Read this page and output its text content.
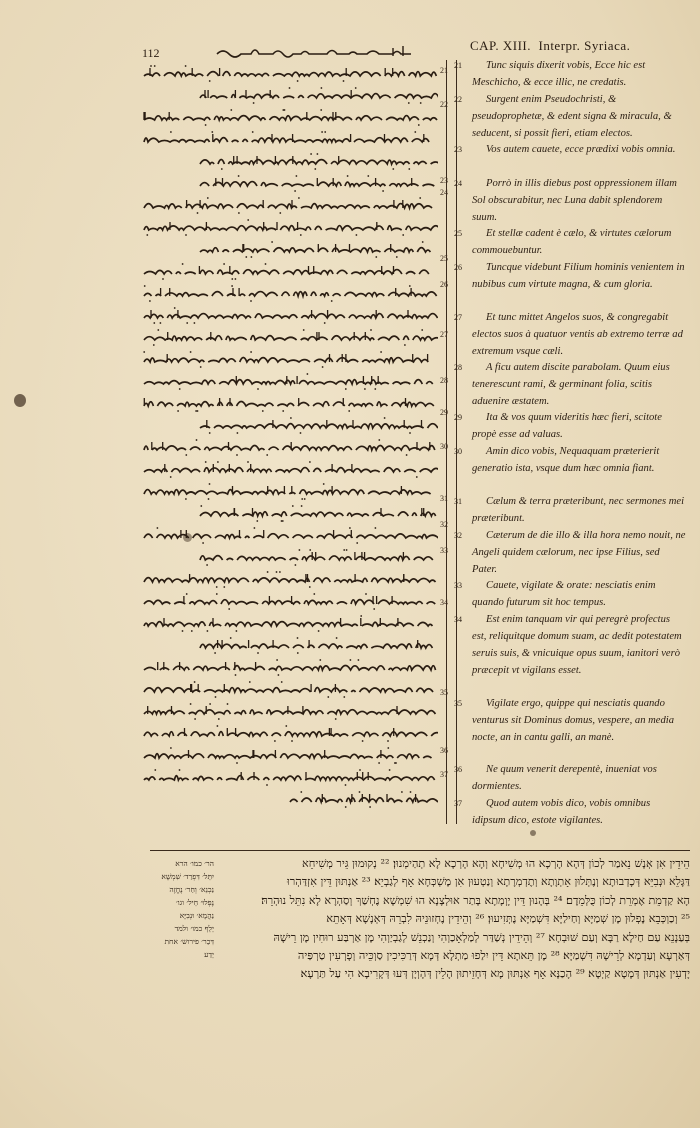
112	CAP. XIII. Interpr. Syriaca.
21
22
23
24
25
26
27
28
29
30
31
32
33
34
35
36
37
21	Tunc siquis dixerit vobis, Ecce hic est Meschicho, & ecce illic, ne credatis.
22	Surgent enim Pseudochristi, & pseudoprophetæ, & edent signa & miracula, & seducent, si possit fieri, etiam electos.
23	Vos autem cauete, ecce prædixi vobis omnia.
24	Porrò in illis diebus post oppressionem illam Sol obscurabitur, nec Luna dabit splendorem suum.
25	Et stellæ cadent è cælo, & virtutes cælorum commouebuntur.
26	Tuncque videbunt Filium hominis venientem in nubibus cum virtute magna, & cum gloria.
27	Et tunc mittet Angelos suos, & congregabit electos suos à quatuor ventis ab extremo terræ ad extremum vsque cæli.
28	A ficu autem discite parabolam. Quum eius tenerescunt rami, & germinant folia, scitis aduenire æstatem.
29	Ita & vos quum videritis hæc fieri, scitote propè esse ad valuas.
30	Amin dico vobis, Nequaquam præterierit generatio ista, vsque dum hæc omnia fiant.
31	Cælum & terra præteribunt, nec sermones mei præteribunt.
32	Cæterum de die illo & illa hora nemo nouit, ne Angeli quidem cælorum, nec ipse Filius, sed Pater.
33	Cauete, vigilate & orate: nesciatis enim quando futurum sit hoc tempus.
34	Est enim tanquam vir qui peregrè profectus est, reliquitque domum suam, ac dedit potestatem seruis suis, & vnicuique opus suum, ianitori verò præcepit vt vigilans esset.
35	Vigilate ergo, quippe qui nesciatis quando venturus sit Dominus domus, vespere, an media nocte, an in cantu galli, an manè.
36	Ne quum venerit derepentè, inueniat vos dormientes.
37	Quod autem vobis dico, vobis omnibus idipsum dico, estote vigilantes.
הר׳ כמו׳ הרא
יִתֵּל׳ דִּפְרַד׳ שִׁמְשָׁא
נַכְנֵא׳ וְחַר׳ נֶחֱזֶה
נֶפְלוּ׳ חֵיל׳ וגו׳
נַהֲמָא׳ וּנְבִיָּא
יֵלֵף כמו׳ ולמד
דִּכַר׳ פירוש׳ אחת
יֵדַע
הֵידֵין אִן אְנָשׁ נֵאמַר לְכוֹן דְּהָא הָרְכָא הוּ מְשִׁיחָא וְהָא הָרְכָא לָא תְהַימְנוּן׃ ²² נְקוּמוּן גֵּיר מְשִׁיחֵא
דַּגָּלֵא וּנְבִיֵּא דְּכָדְבוּתָא וְנֶתְּלוּן אָתְוָתָא וְתֶדְמְרָתָא וְנַטְעוּן אִן מֶשְׁכְּחָא אָף לְגַבְיֵא׃ ²³ אַנְתּוּן דֵּין אִזְדַּהְרוּ
הָא קַדְמֵת אֶמְרֵת לְכוֹן כֻּלְּמֵדֶם׃ ²⁴ בְּהָנוּן דֵּין יָוְמָתָא בָּתַר אוּלְצָנָא הוּ שִׁמְשָׁא נֶחְשַׁךְ וְסַהְרָא לָא נִתֵּל נוּהְרֵהּ׃
²⁵ וְכַוְכְּבֵא נֶפְלוּן מֶן שְׁמַיָּא וְחַילַיָּא דִּשְׁמַיָּא נֶתְּזִיעוּן׃ ²⁶ וְהֵידֵין נֶחְזוּנֵיהּ לִבְרֵהּ דְּאְנָשָׁא דְּאָתֵא
בְּעַנָנֵא עַם חַילָא רַבָּא וְעַם שׁוּבְחָא׃ ²⁷ וְהֵידֵין נְשַׁדַּר לְמַלְאָכַוְהִי וְנַכְנֵשׁ לְגַבְיַוְהִי מֶן אַרְבַּע רוּחִין מֶן רֵישָׁהּ
דְּאַרְעָא וְעַדְמָא לְרֵישָׁהּ דִּשְׁמַיָּא׃ ²⁸ מֶן תֵּאתָא דֵּין יִלַפוּ מַתְלָא דְּמָא דְּרַכִּיכִין סַוְכֵּיה וְפָרְעִין טַרְפַּיה
יָדְעִין אַנְתּוּן דְּמָטָא קַיְטָא׃ ²⁹ הָכַנָּא אָף אַנְתּוּן מָא דְּחָזֵיתוּן הָלֵין דְּהָוְיָן דְּעוּ דְּקָרִיבָא הִי עַל תַּרְעָא׃
